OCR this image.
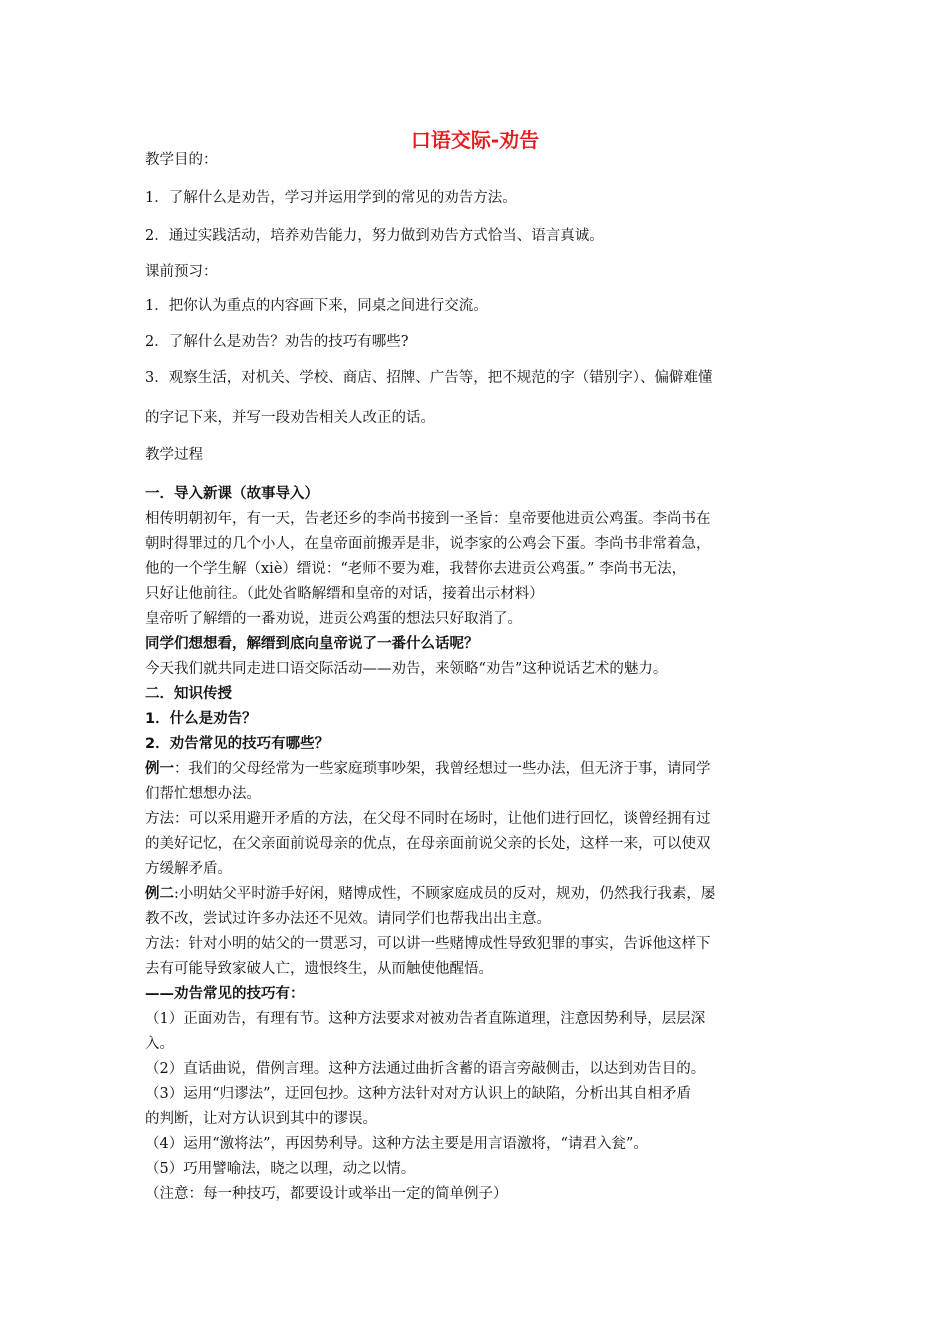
口语交际-劝告

教学目的：

1．了解什么是劝告，学习并运用学到的常见的劝告方法。

2．通过实践活动，培养劝告能力，努力做到劝告方式恰当、语言真诚。

课前预习：

1．把你认为重点的内容画下来，同桌之间进行交流。

2．了解什么是劝告？劝告的技巧有哪些?

3．观察生活，对机关、学校、商店、招牌、广告等，把不规范的字（错别字）、偏僻难懂

的字记下来，并写一段劝告相关人改正的话。

教学过程

一．导入新课（故事导入）

相传明朝初年，有一天，告老还乡的李尚书接到一圣旨：皇帝要他进贡公鸡蛋。李尚书在

朝时得罪过的几个小人，在皇帝面前搬弄是非，说李家的公鸡会下蛋。李尚书非常着急，

他的一个学生解（xiè）缙说：“老师不要为难，我替你去进贡公鸡蛋。” 李尚书无法，

只好让他前往。（此处省略解缙和皇帝的对话，接着出示材料）

皇帝听了解缙的一番劝说，进贡公鸡蛋的想法只好取消了。

同学们想想看，解缙到底向皇帝说了一番什么话呢？

今天我们就共同走进口语交际活动——劝告，来领略“劝告”这种说话艺术的魅力。

二．知识传授

1．什么是劝告？

2．劝告常见的技巧有哪些？

例一：我们的父母经常为一些家庭琐事吵架，我曾经想过一些办法，但无济于事，请同学

们帮忙想想办法。

方法：可以采用避开矛盾的方法，在父母不同时在场时，让他们进行回忆，谈曾经拥有过

的美好记忆，在父亲面前说母亲的优点，在母亲面前说父亲的长处，这样一来，可以使双

方缓解矛盾。

例二:小明姑父平时游手好闲，赌博成性，不顾家庭成员的反对，规劝，仍然我行我素，屡

教不改，尝试过许多办法还不见效。请同学们也帮我出出主意。

方法：针对小明的姑父的一贯恶习，可以讲一些赌博成性导致犯罪的事实，告诉他这样下

去有可能导致家破人亡，遗恨终生，从而触使他醒悟。

——劝告常见的技巧有：

（1）正面劝告，有理有节。这种方法要求对被劝告者直陈道理，注意因势利导，层层深

入。

（2）直话曲说，借例言理。这种方法通过曲折含蓄的语言旁敲侧击，以达到劝告目的。

（3）运用“归谬法”，迂回包抄。这种方法针对对方认识上的缺陷，分析出其自相矛盾

的判断，让对方认识到其中的谬误。

（4）运用“激将法”，再因势利导。这种方法主要是用言语激将，“请君入瓮”。

（5）巧用譬喻法，晓之以理，动之以情。

（注意：每一种技巧，都要设计或举出一定的简单例子）
